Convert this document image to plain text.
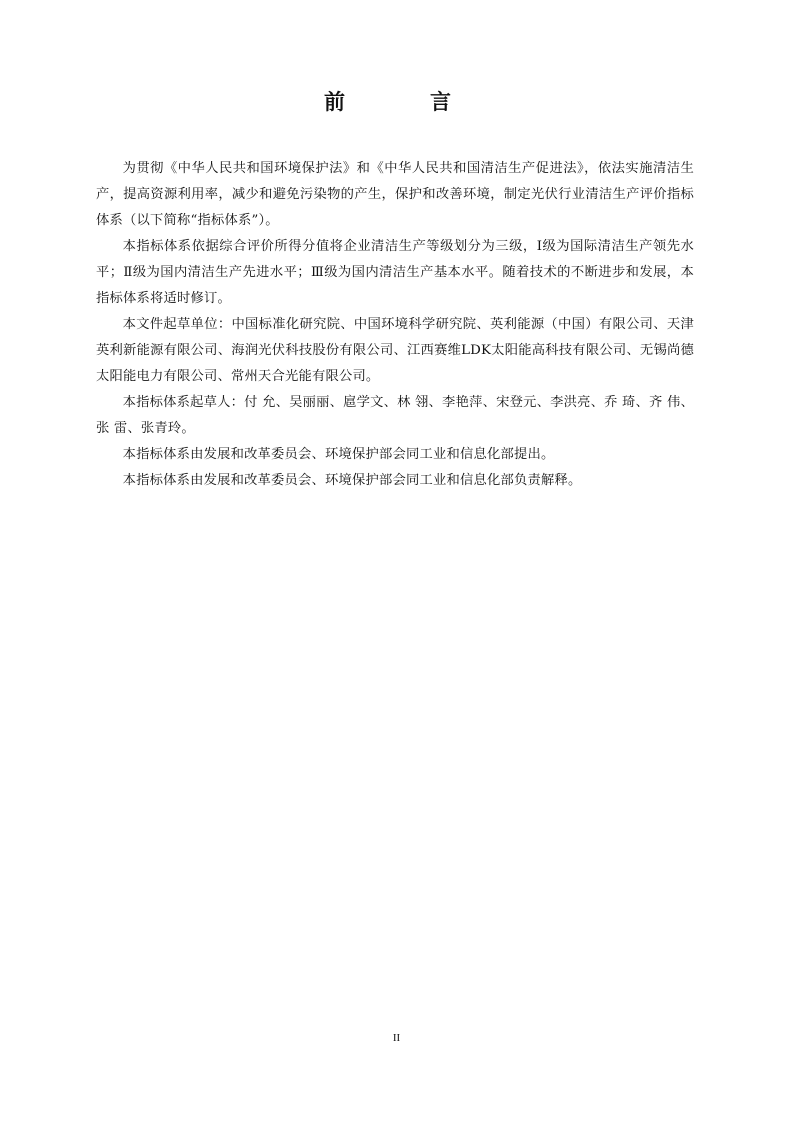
前	言

为贯彻《中华人民共和国环境保护法》和《中华人民共和国清洁生产促进法》，依法实施清洁生产，提高资源利用率，减少和避免污染物的产生，保护和改善环境，制定光伏行业清洁生产评价指标体系（以下简称“指标体系”）。

本指标体系依据综合评价所得分值将企业清洁生产等级划分为三级，Ⅰ级为国际清洁生产领先水平；Ⅱ级为国内清洁生产先进水平；Ⅲ级为国内清洁生产基本水平。随着技术的不断进步和发展，本指标体系将适时修订。

本文件起草单位：中国标准化研究院、中国环境科学研究院、英利能源（中国）有限公司、天津英利新能源有限公司、海润光伏科技股份有限公司、江西赛维LDK太阳能高科技有限公司、无锡尚德太阳能电力有限公司、常州天合光能有限公司。

本指标体系起草人：付 允、吴丽丽、扈学文、林 翎、李艳萍、宋登元、李洪亮、乔 琦、齐 伟、张 雷、张青玲。

本指标体系由发展和改革委员会、环境保护部会同工业和信息化部提出。

本指标体系由发展和改革委员会、环境保护部会同工业和信息化部负责解释。

II
